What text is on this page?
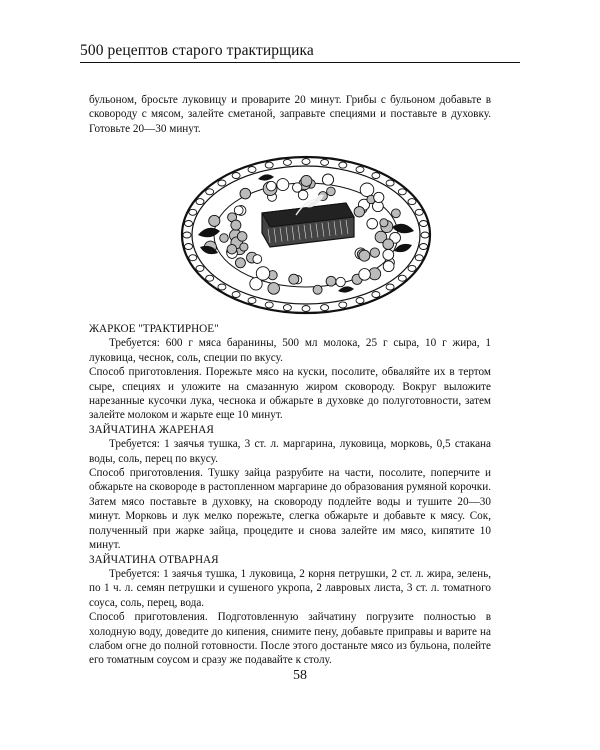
500 рецептов старого трактирщика

бульоном, бросьте луковицу и проварите 20 минут. Грибы с бульоном добавьте в сковороду с мясом, залейте сметаной, заправьте специями и поставьте в духовку. Готовьте 20—30 минут.

ЖАРКОЕ "ТРАКТИРНОЕ"

Требуется: 600 г мяса баранины, 500 мл молока, 25 г сыра, 10 г жира, 1 луковица, чеснок, соль, специи по вкусу.

Способ приготовления. Порежьте мясо на куски, посолите, обваляйте их в тертом сыре, специях и уложите на смазанную жиром сковороду. Вокруг выложите нарезанные кусочки лука, чеснока и обжарьте в духовке до полуготовности, затем залейте молоком и жарьте еще 10 минут.

ЗАЙЧАТИНА ЖАРЕНАЯ

Требуется: 1 заячья тушка, 3 ст. л. маргарина, луковица, морковь, 0,5 стакана воды, соль, перец по вкусу.

Способ приготовления. Тушку зайца разрубите на части, посолите, поперчите и обжарьте на сковороде в растопленном маргарине до образования румяной корочки. Затем мясо поставьте в духовку, на сковороду подлейте воды и тушите 20—30 минут. Морковь и лук мелко порежьте, слегка обжарьте и добавьте к мясу. Сок, полученный при жарке зайца, процедите и снова залейте им мясо, кипятите 10 минут.

ЗАЙЧАТИНА ОТВАРНАЯ

Требуется: 1 заячья тушка, 1 луковица, 2 корня петрушки, 2 ст. л. жира, зелень, по 1 ч. л. семян петрушки и сушеного укропа, 2 лавровых листа, 3 ст. л. томатного соуса, соль, перец, вода.

Способ приготовления. Подготовленную зайчатину погрузите полностью в холодную воду, доведите до кипения, снимите пену, добавьте приправы и варите на слабом огне до полной готовности. После этого достаньте мясо из бульона, полейте его томатным соусом и сразу же подавайте к столу.

58
